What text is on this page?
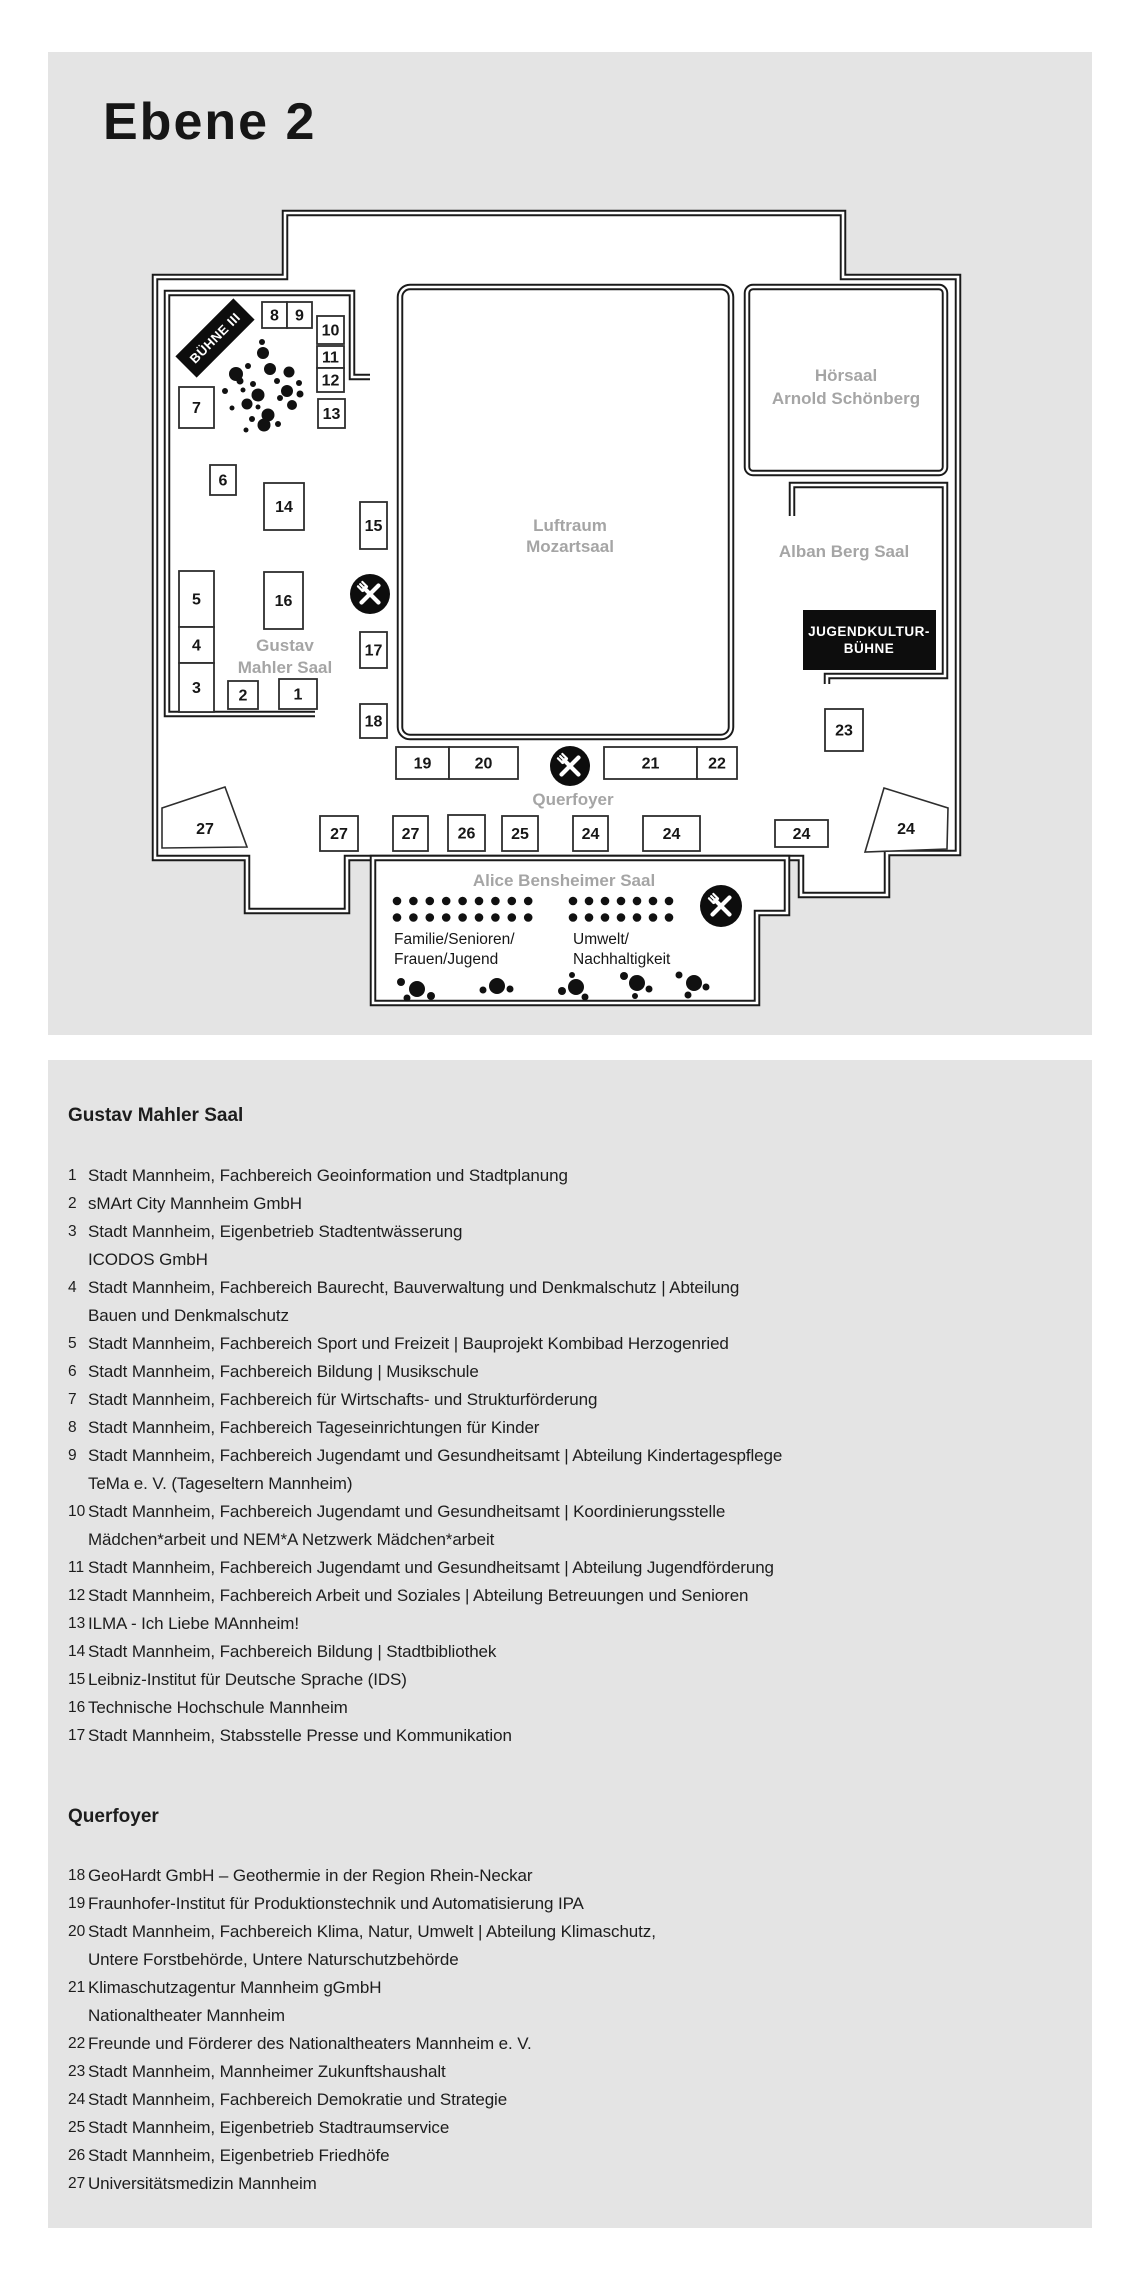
Ebene 2
Luftraum
Mozartsaal
Hörsaal
Arnold Schönberg
Alban Berg Saal
Gustav
Mahler Saal
Querfoyer
Alice Bensheimer Saal
Familie/Senioren/
Frauen/Jugend
Umwelt/
Nachhaltigkeit
BÜHNE III
JUGENDKULTUR-
BÜHNE
8 9
10
11
12
13
7
6
14
15
5	16
4	17
3 2	1
18
19	20	21	22
23
27	27 26 25	24	24	24
27	24
Gustav Mahler Saal
1 Stadt Mannheim, Fachbereich Geoinformation und Stadtplanung
2 sMArt City Mannheim GmbH
3 Stadt Mannheim, Eigenbetrieb Stadtentwässerung
ICODOS GmbH
4 Stadt Mannheim, Fachbereich Baurecht, Bauverwaltung und Denkmalschutz | Abteilung
Bauen und Denkmalschutz
5 Stadt Mannheim, Fachbereich Sport und Freizeit | Bauprojekt Kombibad Herzogenried
6 Stadt Mannheim, Fachbereich Bildung | Musikschule
7 Stadt Mannheim, Fachbereich für Wirtschafts- und Strukturförderung
8 Stadt Mannheim, Fachbereich Tageseinrichtungen für Kinder
9 Stadt Mannheim, Fachbereich Jugendamt und Gesundheitsamt | Abteilung Kindertagespflege
TeMa e. V. (Tageseltern Mannheim)
10 Stadt Mannheim, Fachbereich Jugendamt und Gesundheitsamt | Koordinierungsstelle
Mädchen*arbeit und NEM*A Netzwerk Mädchen*arbeit
11 Stadt Mannheim, Fachbereich Jugendamt und Gesundheitsamt | Abteilung Jugendförderung
12 Stadt Mannheim, Fachbereich Arbeit und Soziales | Abteilung Betreuungen und Senioren
13 ILMA - Ich Liebe MAnnheim!
14 Stadt Mannheim, Fachbereich Bildung | Stadtbibliothek
15 Leibniz-Institut für Deutsche Sprache (IDS)
16 Technische Hochschule Mannheim
17 Stadt Mannheim, Stabsstelle Presse und Kommunikation
Querfoyer
18 GeoHardt GmbH – Geothermie in der Region Rhein-Neckar
19 Fraunhofer-Institut für Produktionstechnik und Automatisierung IPA
20 Stadt Mannheim, Fachbereich Klima, Natur, Umwelt | Abteilung Klimaschutz,
Untere Forstbehörde, Untere Naturschutzbehörde
21 Klimaschutzagentur Mannheim gGmbH
Nationaltheater Mannheim
22 Freunde und Förderer des Nationaltheaters Mannheim e. V.
23 Stadt Mannheim, Mannheimer Zukunftshaushalt
24 Stadt Mannheim, Fachbereich Demokratie und Strategie
25 Stadt Mannheim, Eigenbetrieb Stadtraumservice
26 Stadt Mannheim, Eigenbetrieb Friedhöfe
27 Universitätsmedizin Mannheim
